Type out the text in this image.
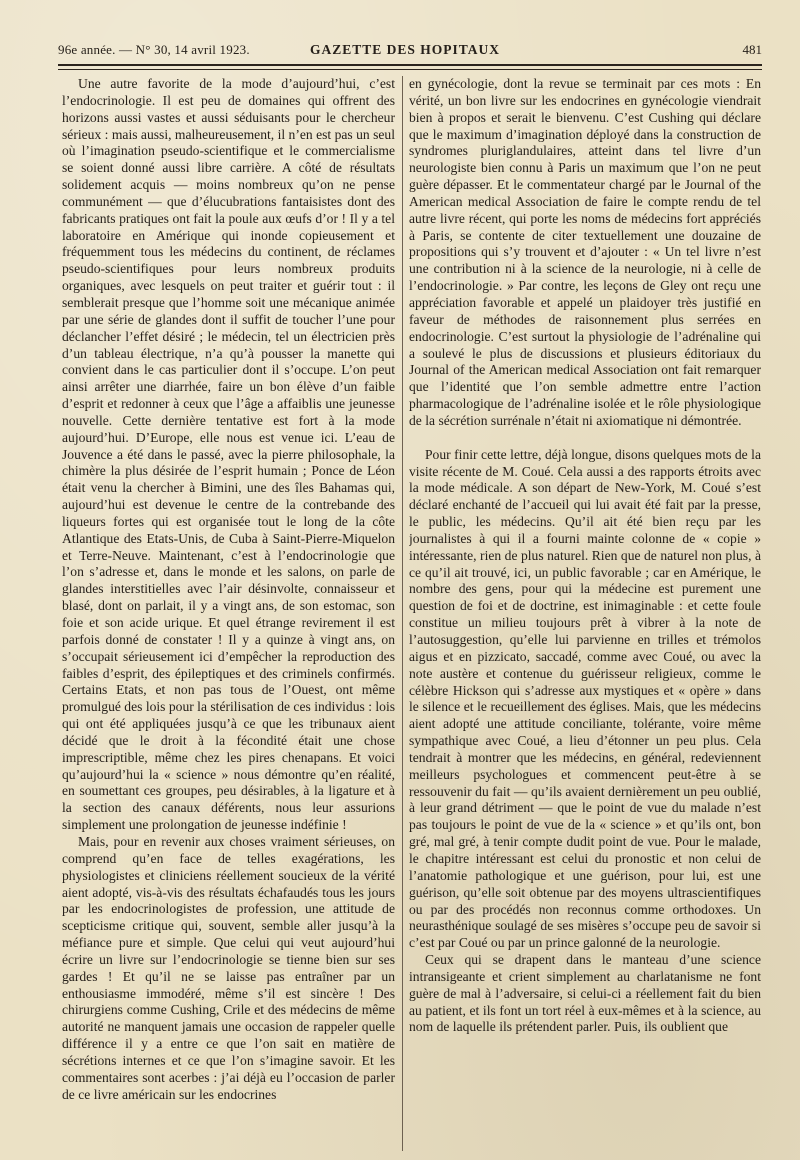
96e année. — N° 30, 14 avril 1923.	GAZETTE DES HOPITAUX	481

Une autre favorite de la mode d’aujourd’hui, c’est l’endocrinologie. Il est peu de domaines qui offrent des horizons aussi vastes et aussi séduisants pour le chercheur sérieux : mais aussi, malheureusement, il n’en est pas un seul où l’imagination pseudo-scientifique et le commercialisme se soient donné aussi libre carrière. A côté de résultats solidement acquis — moins nombreux qu’on ne pense communément — que d’élucubrations fantaisistes dont des fabricants pratiques ont fait la poule aux œufs d’or ! Il y a tel laboratoire en Amérique qui inonde copieusement et fréquemment tous les médecins du continent, de réclames pseudo-scientifiques pour leurs nombreux produits organiques, avec lesquels on peut traiter et guérir tout : il semblerait presque que l’homme soit une mécanique animée par une série de glandes dont il suffit de toucher l’une pour déclancher l’effet désiré ; le médecin, tel un électricien près d’un tableau électrique, n’a qu’à pousser la manette qui convient dans le cas particulier dont il s’occupe. L’on peut ainsi arrêter une diarrhée, faire un bon élève d’un faible d’esprit et redonner à ceux que l’âge a affaiblis une jeunesse nouvelle. Cette dernière tentative est fort à la mode aujourd’hui. D’Europe, elle nous est venue ici. L’eau de Jouvence a été dans le passé, avec la pierre philosophale, la chimère la plus désirée de l’esprit humain ; Ponce de Léon était venu la chercher à Bimini, une des îles Bahamas qui, aujourd’hui est devenue le centre de la contrebande des liqueurs fortes qui est organisée tout le long de la côte Atlantique des Etats-Unis, de Cuba à Saint-Pierre-Miquelon et Terre-Neuve. Maintenant, c’est à l’endocrinologie que l’on s’adresse et, dans le monde et les salons, on parle de glandes interstitielles avec l’air désinvolte, connaisseur et blasé, dont on parlait, il y a vingt ans, de son estomac, son foie et son acide urique. Et quel étrange revirement il est parfois donné de constater ! Il y a quinze à vingt ans, on s’occupait sérieusement ici d’empêcher la reproduction des faibles d’esprit, des épileptiques et des criminels confirmés. Certains Etats, et non pas tous de l’Ouest, ont même promulgué des lois pour la stérilisation de ces individus : lois qui ont été appliquées jusqu’à ce que les tribunaux aient décidé que le droit à la fécondité était une chose imprescriptible, même chez les pires chenapans. Et voici qu’aujourd’hui la « science » nous démontre qu’en réalité, en soumettant ces groupes, peu désirables, à la ligature et à la section des canaux déférents, nous leur assurions simplement une prolongation de jeunesse indéfinie !

Mais, pour en revenir aux choses vraiment sérieuses, on comprend qu’en face de telles exagérations, les physiologistes et cliniciens réellement soucieux de la vérité aient adopté, vis-à-vis des résultats échafaudés tous les jours par les endocrinologistes de profession, une attitude de scepticisme critique qui, souvent, semble aller jusqu’à la méfiance pure et simple. Que celui qui veut aujourd’hui écrire un livre sur l’endocrinologie se tienne bien sur ses gardes ! Et qu’il ne se laisse pas entraîner par un enthousiasme immodéré, même s’il est sincère ! Des chirurgiens comme Cushing, Crile et des médecins de même autorité ne manquent jamais une occasion de rappeler quelle différence il y a entre ce que l’on sait en matière de sécrétions internes et ce que l’on s’imagine savoir. Et les commentaires sont acerbes : j’ai déjà eu l’occasion de parler de ce livre américain sur les endocrines

en gynécologie, dont la revue se terminait par ces mots : En vérité, un bon livre sur les endocrines en gynécologie viendrait bien à propos et serait le bienvenu. C’est Cushing qui déclare que le maximum d’imagination déployé dans la construction de syndromes pluriglandulaires, atteint dans tel livre d’un neurologiste bien connu à Paris un maximum que l’on ne peut guère dépasser. Et le commentateur chargé par le Journal of the American medical Association de faire le compte rendu de tel autre livre récent, qui porte les noms de médecins fort appréciés à Paris, se contente de citer textuellement une douzaine de propositions qui s’y trouvent et d’ajouter : « Un tel livre n’est une contribution ni à la science de la neurologie, ni à celle de l’endocrinologie. » Par contre, les leçons de Gley ont reçu une appréciation favorable et appelé un plaidoyer très justifié en faveur de méthodes de raisonnement plus serrées en endocrinologie. C’est surtout la physiologie de l’adrénaline qui a soulevé le plus de discussions et plusieurs éditoriaux du Journal of the American medical Association ont fait remarquer que l’identité que l’on semble admettre entre l’action pharmacologique de l’adrénaline isolée et le rôle physiologique de la sécrétion surrénale n’était ni axiomatique ni démontrée.

Pour finir cette lettre, déjà longue, disons quelques mots de la visite récente de M. Coué. Cela aussi a des rapports étroits avec la mode médicale. A son départ de New-York, M. Coué s’est déclaré enchanté de l’accueil qui lui avait été fait par la presse, le public, les médecins. Qu’il ait été bien reçu par les journalistes à qui il a fourni mainte colonne de « copie » intéressante, rien de plus naturel. Rien que de naturel non plus, à ce qu’il ait trouvé, ici, un public favorable ; car en Amérique, le nombre des gens, pour qui la médecine est purement une question de foi et de doctrine, est inimaginable : et cette foule constitue un milieu toujours prêt à vibrer à la note de l’autosuggestion, qu’elle lui parvienne en trilles et trémolos aigus et en pizzicato, saccadé, comme avec Coué, ou avec la note austère et contenue du guérisseur religieux, comme le célèbre Hickson qui s’adresse aux mystiques et « opère » dans le silence et le recueillement des églises. Mais, que les médecins aient adopté une attitude conciliante, tolérante, voire même sympathique avec Coué, a lieu d’étonner un peu plus. Cela tendrait à montrer que les médecins, en général, redeviennent meilleurs psychologues et commencent peut-être à se ressouvenir du fait — qu’ils avaient dernièrement un peu oublié, à leur grand détriment — que le point de vue du malade n’est pas toujours le point de vue de la « science » et qu’ils ont, bon gré, mal gré, à tenir compte dudit point de vue. Pour le malade, le chapitre intéressant est celui du pronostic et non celui de l’anatomie pathologique et une guérison, pour lui, est une guérison, qu’elle soit obtenue par des moyens ultrascientifiques ou par des procédés non reconnus comme orthodoxes. Un neurasthénique soulagé de ses misères s’occupe peu de savoir si c’est par Coué ou par un prince galonné de la neurologie.

Ceux qui se drapent dans le manteau d’une science intransigeante et crient simplement au charlatanisme ne font guère de mal à l’adversaire, si celui-ci a réellement fait du bien au patient, et ils font un tort réel à eux-mêmes et à la science, au nom de laquelle ils prétendent parler. Puis, ils oublient que
